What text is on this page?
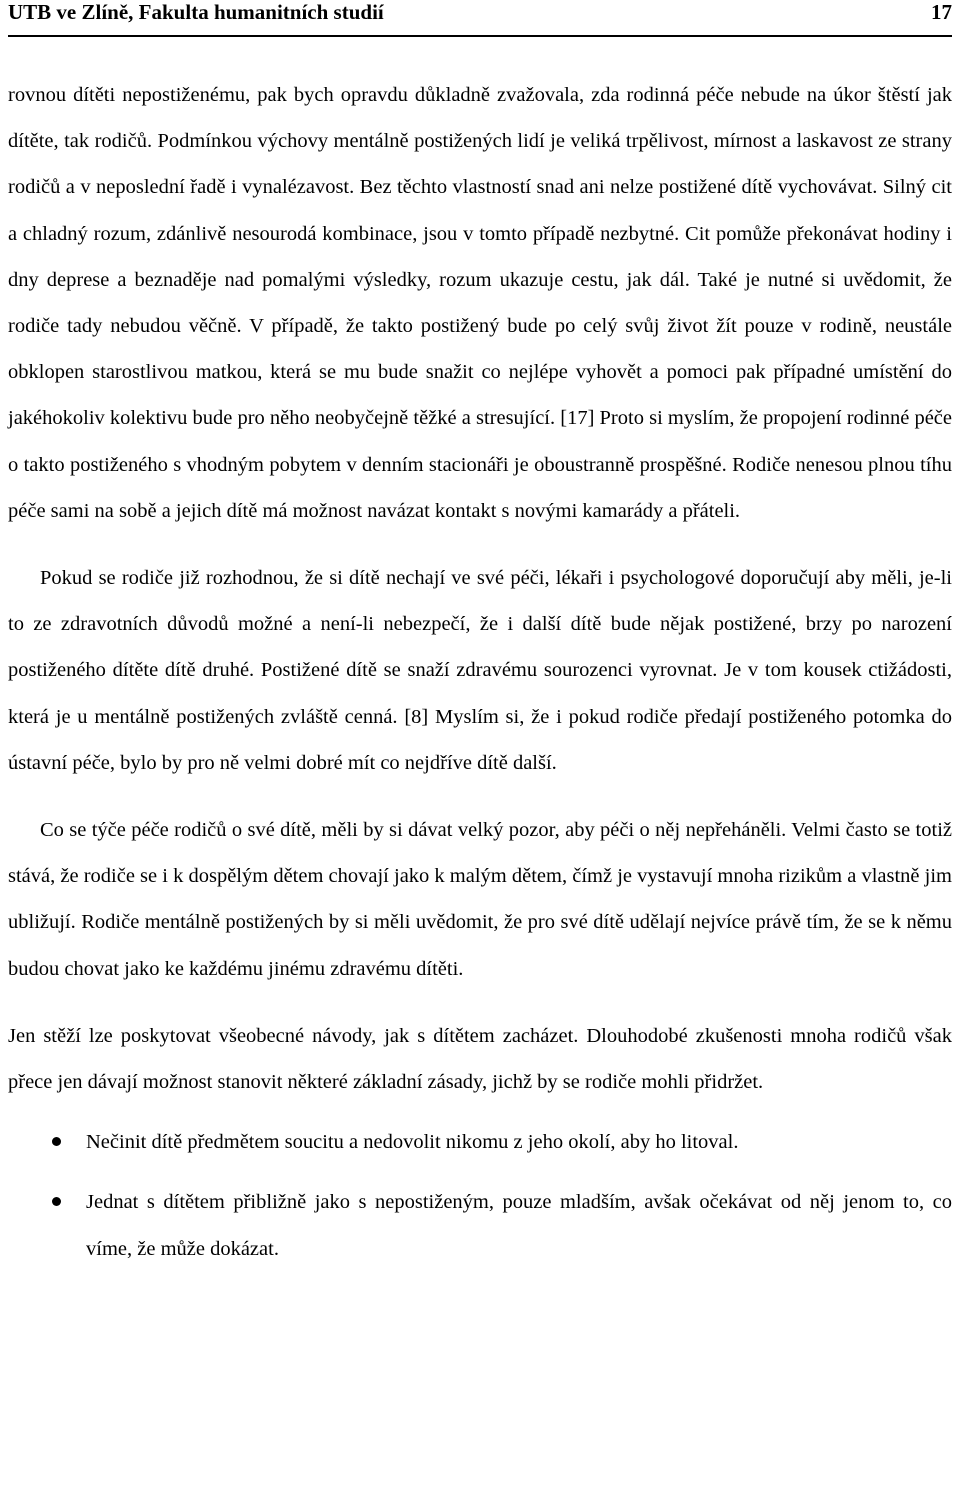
UTB ve Zlíně, Fakulta humanitních studií	17

rovnou dítěti nepostiženému, pak bych opravdu důkladně zvažovala, zda rodinná péče nebude na úkor štěstí jak dítěte, tak rodičů. Podmínkou výchovy mentálně postižených lidí je veliká trpělivost, mírnost a laskavost ze strany rodičů a v neposlední řadě i vynalézavost. Bez těchto vlastností snad ani nelze postižené dítě vychovávat. Silný cit a chladný rozum, zdánlivě nesourodá kombinace, jsou v tomto případě nezbytné. Cit pomůže překonávat hodiny i dny deprese a beznaděje nad pomalými výsledky, rozum ukazuje cestu, jak dál. Také je nutné si uvědomit, že rodiče tady nebudou věčně. V případě, že takto postižený bude po celý svůj život žít pouze v rodině, neustále obklopen starostlivou matkou, která se mu bude snažit co nejlépe vyhovět a pomoci pak případné umístění do jakéhokoliv kolektivu bude pro něho neobyčejně těžké a stresující. [17] Proto si myslím, že propojení rodinné péče o takto postiženého s vhodným pobytem v denním stacionáři je oboustranně prospěšné. Rodiče nenesou plnou tíhu péče sami na sobě a jejich dítě má možnost navázat kontakt s novými kamarády a přáteli.

Pokud se rodiče již rozhodnou, že si dítě nechají ve své péči, lékaři i psychologové doporučují aby měli, je-li to ze zdravotních důvodů možné a není-li nebezpečí, že i další dítě bude nějak postižené, brzy po narození postiženého dítěte dítě druhé. Postižené dítě se snaží zdravému sourozenci vyrovnat. Je v tom kousek ctižádosti, která je u mentálně postižených zvláště cenná. [8] Myslím si, že i pokud rodiče předají postiženého potomka do ústavní péče, bylo by pro ně velmi dobré mít co nejdříve dítě další.

Co se týče péče rodičů o své dítě, měli by si dávat velký pozor, aby péči o něj nepřeháněli. Velmi často se totiž stává, že rodiče se i k dospělým dětem chovají jako k malým dětem, čímž je vystavují mnoha rizikům a vlastně jim ubližují. Rodiče mentálně postižených by si měli uvědomit, že pro své dítě udělají nejvíce právě tím, že se k němu budou chovat jako ke každému jinému zdravému dítěti.

Jen stěží lze poskytovat všeobecné návody, jak s dítětem zacházet. Dlouhodobé zkušenosti mnoha rodičů však přece jen dávají možnost stanovit některé základní zásady, jichž by se rodiče mohli přidržet.

Nečinit dítě předmětem soucitu a nedovolit nikomu z jeho okolí, aby ho litoval.
Jednat s dítětem přibližně jako s nepostiženým, pouze mladším, avšak očekávat od něj jenom to, co víme, že může dokázat.
